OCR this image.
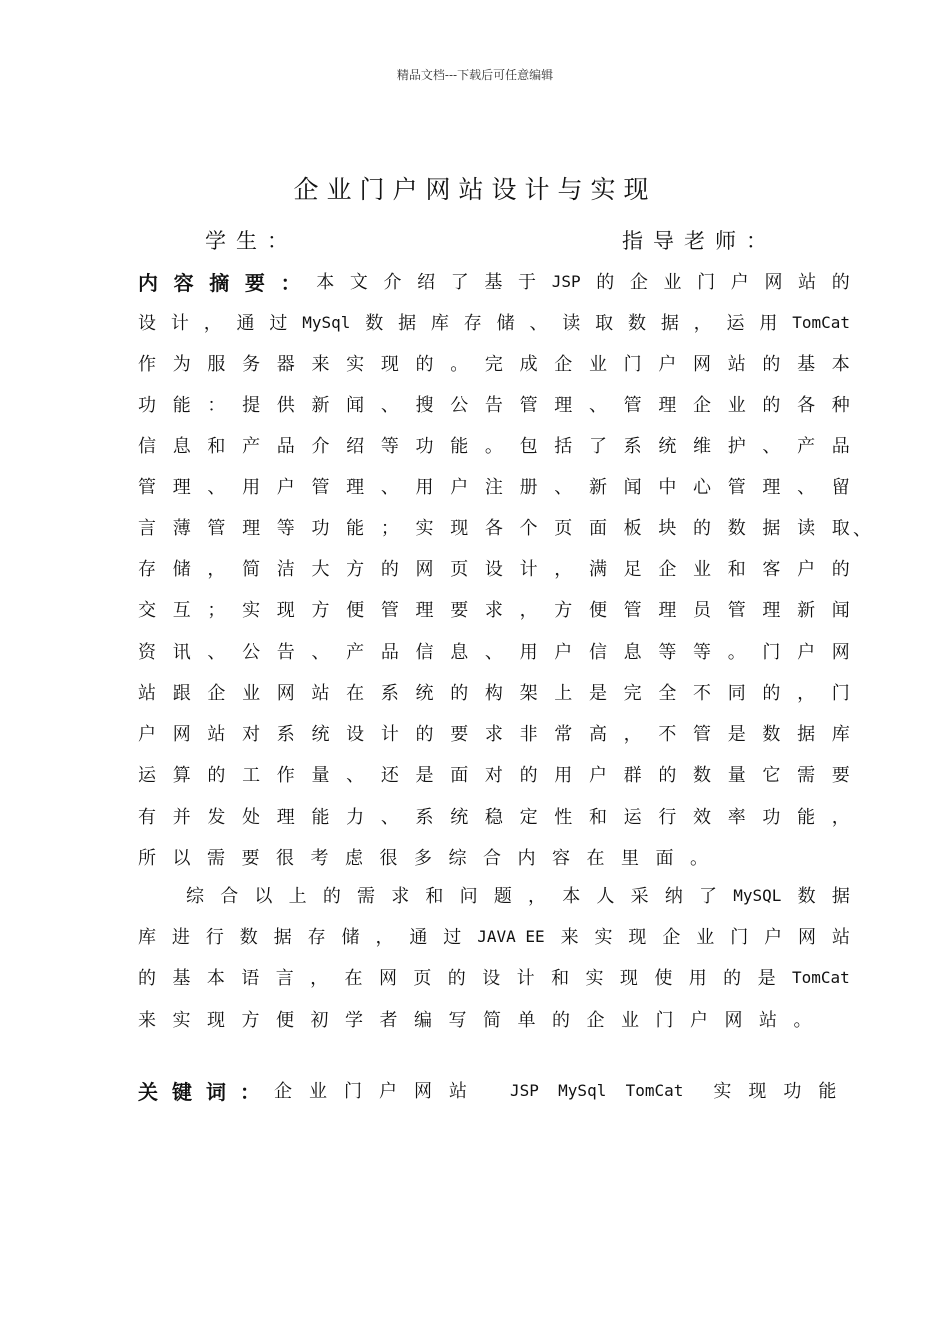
精品文档---下载后可任意编辑
企业门户网站设计与实现
学生：	指导老师：
内 容 摘 要 ： 本 文 介 绍 了 基 于 JSP 的 企 业 门 户 网 站 的
设 计 ， 通 过 MySql 数 据 库 存 储 、 读 取 数 据 ， 运 用 TomCat
作 为 服 务 器 来 实 现 的 。 完 成 企 业 门 户 网 站 的 基 本
功 能 ： 提 供 新 闻 、 搜 公 告 管 理 、 管 理 企 业 的 各 种
信 息 和 产 品 介 绍 等 功 能 。 包 括 了 系 统 维 护 、 产 品
管 理 、 用 户 管 理 、 用 户 注 册 、 新 闻 中 心 管 理 、 留
言 薄 管 理 等 功 能 ； 实 现 各 个 页 面 板 块 的 数 据 读 取 、
存 储 ， 简 洁 大 方 的 网 页 设 计 ， 满 足 企 业 和 客 户 的
交 互 ； 实 现 方 便 管 理 要 求 ， 方 便 管 理 员 管 理 新 闻
资 讯 、 公 告 、 产 品 信 息 、 用 户 信 息 等 等 。 门 户 网
站 跟 企 业 网 站 在 系 统 的 构 架 上 是 完 全 不 同 的 ， 门
户 网 站 对 系 统 设 计 的 要 求 非 常 高 ， 不 管 是 数 据 库
运 算 的 工 作 量 、 还 是 面 对 的 用 户 群 的 数 量 它 需 要
有 并 发 处 理 能 力 、 系 统 稳 定 性 和 运 行 效 率 功 能 ，
所 以 需 要 很 考 虑 很 多 综 合 内 容 在 里 面 。
综 合 以 上 的 需 求 和 问 题 ， 本 人 采 纳 了 MySQL 数 据
库 进 行 数 据 存 储 ， 通 过 JAVA EE 来 实 现 企 业 门 户 网 站
的 基 本 语 言 ， 在 网 页 的 设 计 和 实 现 使 用 的 是 TomCat
来 实 现 方 便 初 学 者 编 写 简 单 的 企 业 门 户 网 站 。
关 键 词 ： 企 业 门 户 网 站	JSP  MySql  TomCat 实 现 功 能
